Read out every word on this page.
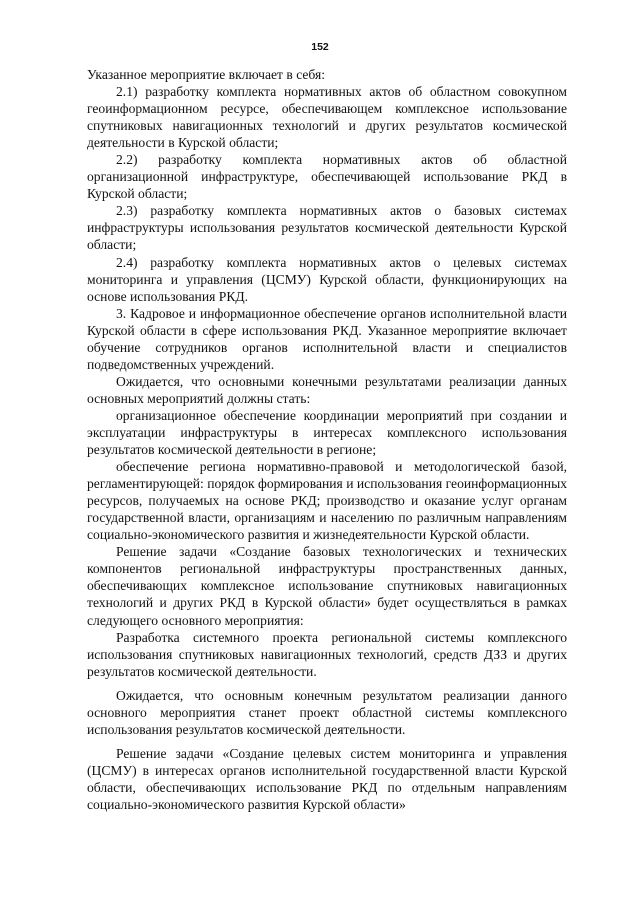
152

Указанное мероприятие включает в себя:

2.1) разработку комплекта нормативных актов об областном совокупном геоинформационном ресурсе, обеспечивающем комплексное использование спутниковых навигационных технологий и других результатов космической деятельности в Курской области;

2.2) разработку комплекта нормативных актов об областной организационной инфраструктуре, обеспечивающей использование РКД в Курской области;

2.3) разработку комплекта нормативных актов о базовых системах инфраструктуры использования результатов космической деятельности Курской области;

2.4) разработку комплекта нормативных актов о целевых системах мониторинга и управления (ЦСМУ) Курской области, функционирующих на основе использования РКД.

3. Кадровое и информационное обеспечение органов исполнительной власти Курской области в сфере использования РКД. Указанное мероприятие включает обучение сотрудников органов исполнительной власти и специалистов подведомственных учреждений.

Ожидается, что основными конечными результатами реализации данных основных мероприятий должны стать:

организационное обеспечение координации мероприятий при создании и эксплуатации инфраструктуры в интересах комплексного использования результатов космической деятельности в регионе;

обеспечение региона нормативно-правовой и методологической базой, регламентирующей: порядок формирования и использования геоинформационных ресурсов, получаемых на основе РКД; производство и оказание услуг органам государственной власти, организациям и населению по различным направлениям социально-экономического развития и жизнедеятельности Курской области.

Решение задачи «Создание базовых технологических и технических компонентов региональной инфраструктуры пространственных данных, обеспечивающих комплексное использование спутниковых навигационных технологий и других РКД в Курской области» будет осуществляться в рамках следующего основного мероприятия:

Разработка системного проекта региональной системы комплексного использования спутниковых навигационных технологий, средств ДЗЗ и других результатов космической деятельности.

Ожидается, что основным конечным результатом реализации данного основного мероприятия станет проект областной системы комплексного использования результатов космической деятельности.

Решение задачи «Создание целевых систем мониторинга и управления (ЦСМУ) в интересах органов исполнительной государственной власти Курской области, обеспечивающих использование РКД по отдельным направлениям социально-экономического развития Курской области»
